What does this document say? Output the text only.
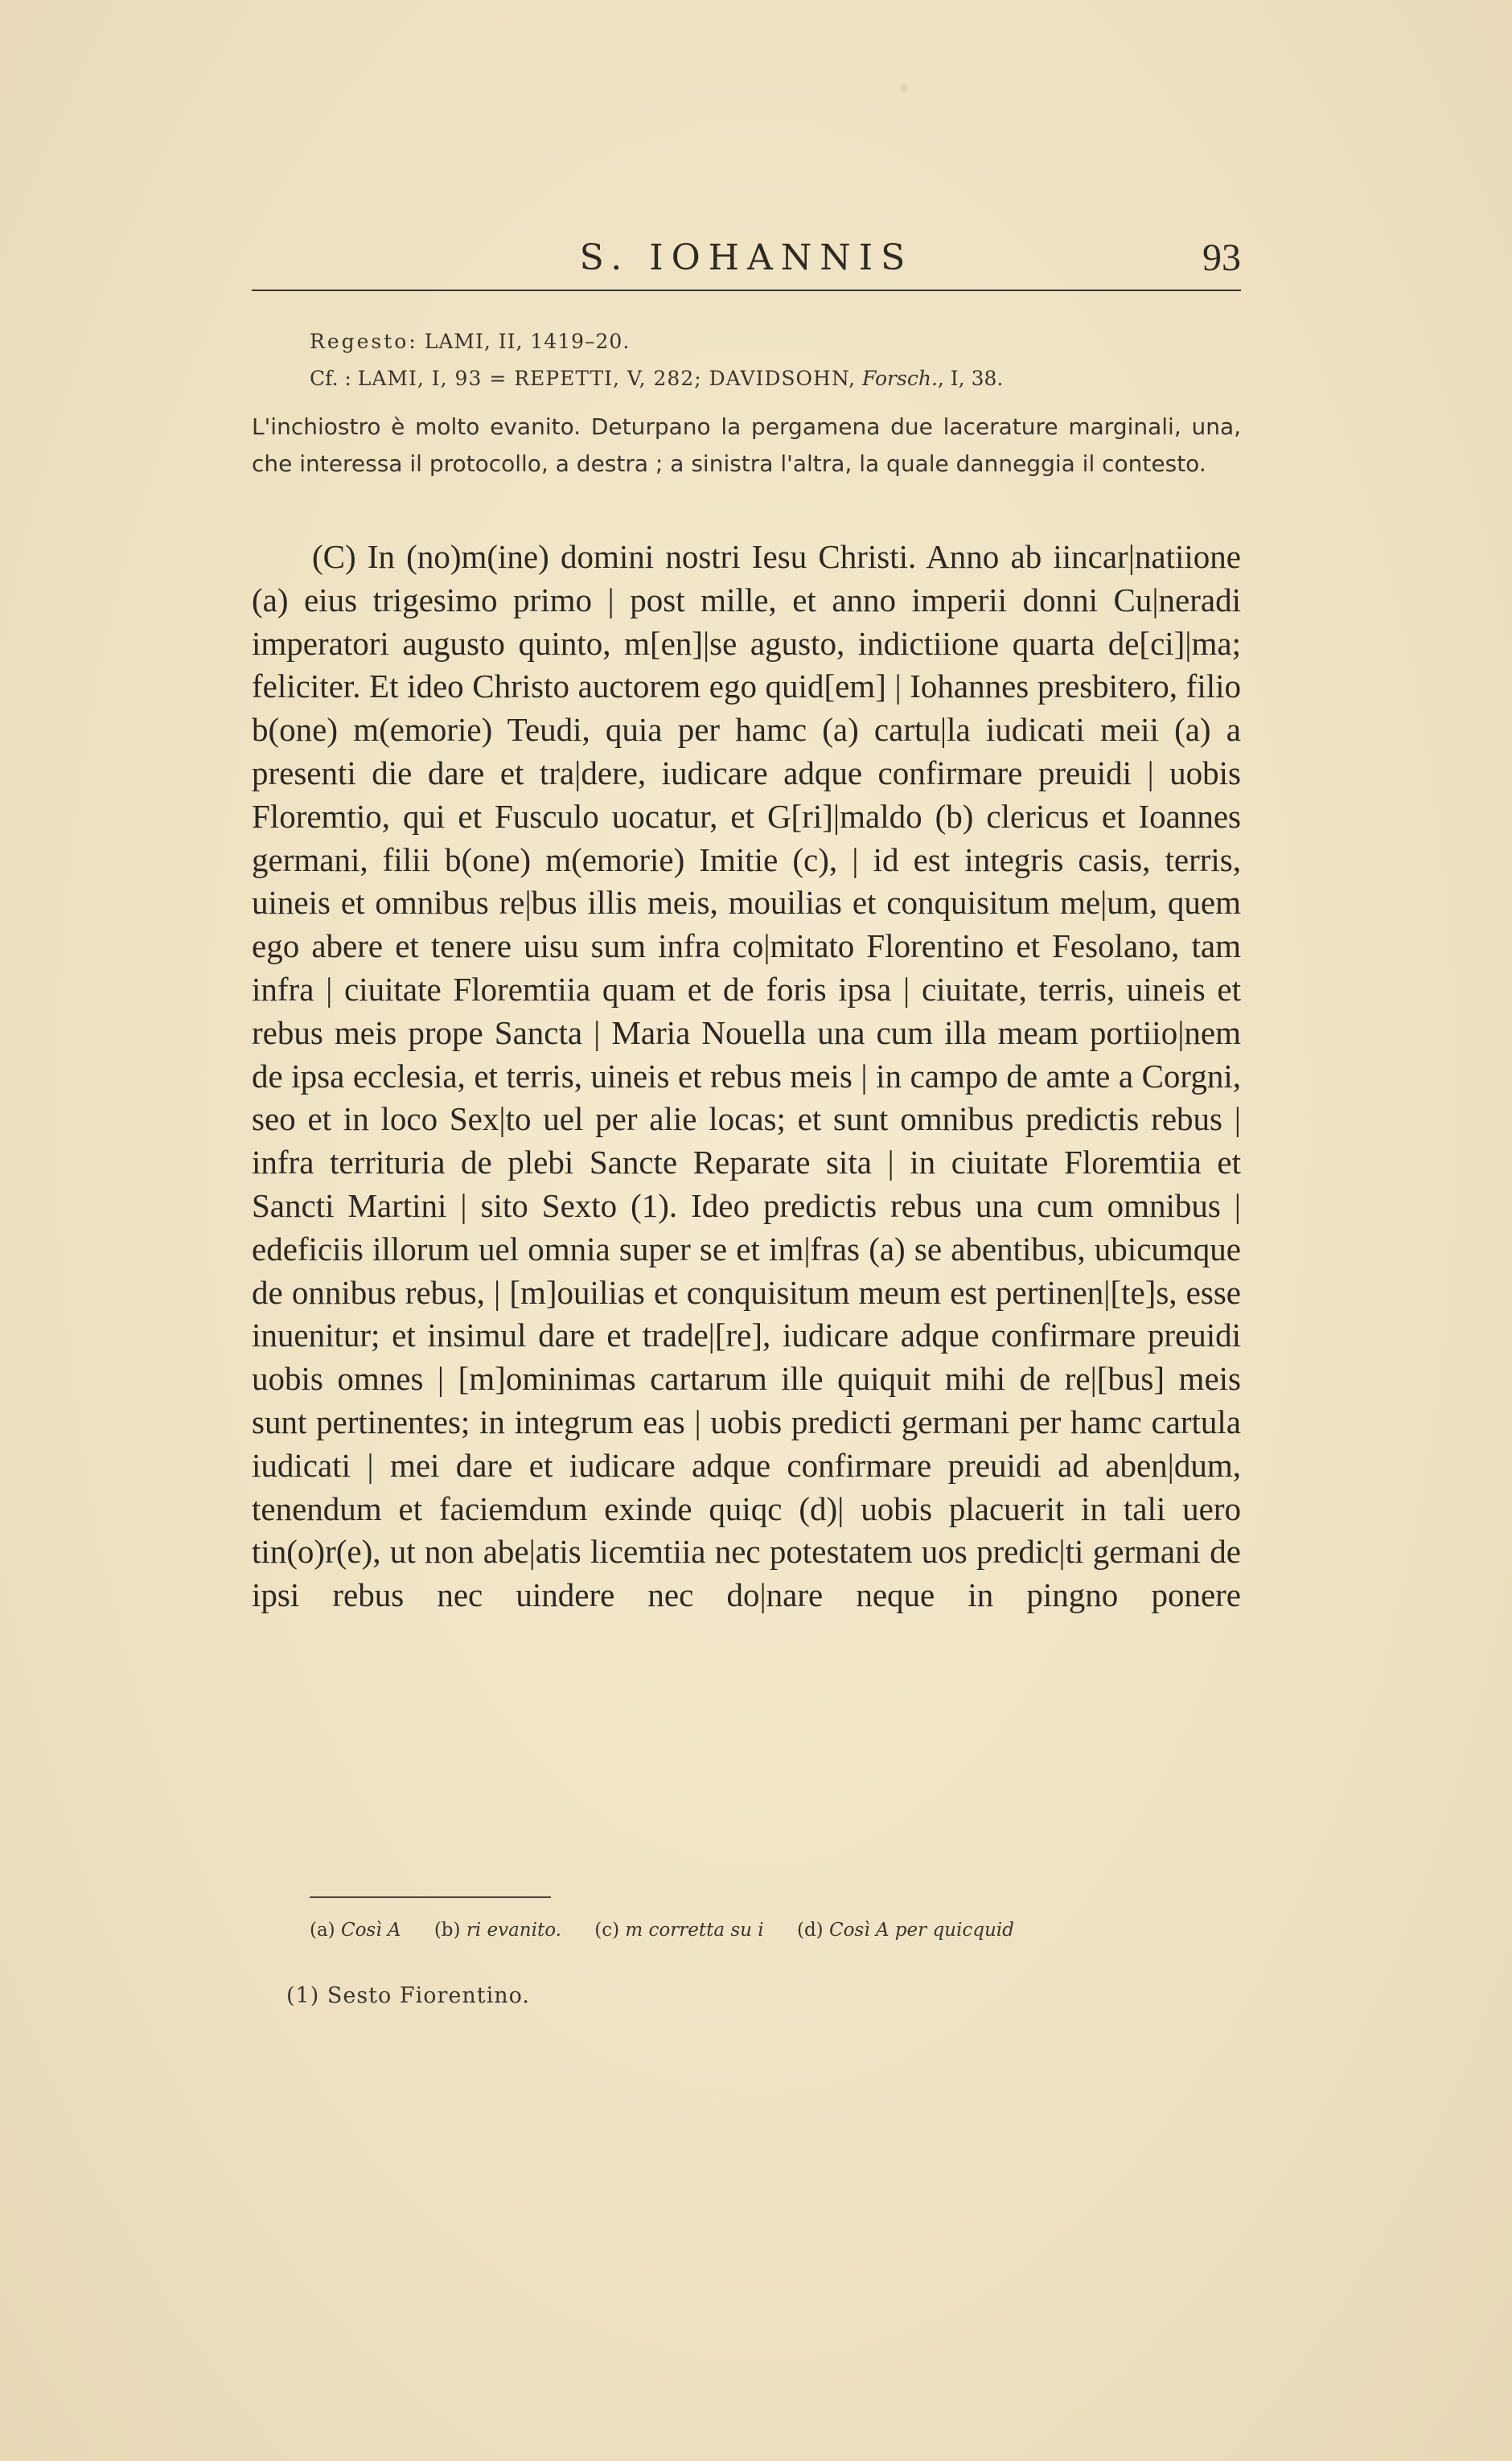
S. IOHANNIS	93
Regesto: LAMI, II, 1419–20.
Cf. : LAMI, I, 93 = REPETTI, V, 282; DAVIDSOHN, Forsch., I, 38.
L'inchiostro è molto evanito. Deturpano la pergamena due lacerature marginali, una, che interessa il protocollo, a destra ; a sinistra l'altra, la quale danneggia il contesto.

(C) In (no)m(ine) domini nostri Iesu Christi. Anno ab iincar|natiione (a) eius trigesimo primo | post mille, et anno imperii donni Cu|neradi imperatori augusto quinto, m[en]|se agusto, indictiione quarta de[ci]|ma; feliciter. Et ideo Christo auctorem ego quid[em] | Iohannes presbitero, filio b(one) m(emorie) Teudi, quia per hamc (a) cartu|la iudicati meii (a) a presenti die dare et tra|dere, iudicare adque confirmare preuidi | uobis Floremtio, qui et Fusculo uocatur, et G[ri]|maldo (b) clericus et Ioannes germani, filii b(one) m(emorie) Imitie (c), | id est integris casis, terris, uineis et omnibus re|bus illis meis, mouilias et conquisitum me|um, quem ego abere et tenere uisu sum infra co|mitato Florentino et Fesolano, tam infra | ciuitate Floremtiia quam et de foris ipsa | ciuitate, terris, uineis et rebus meis prope Sancta | Maria Nouella una cum illa meam portiio|nem de ipsa ecclesia, et terris, uineis et rebus meis | in campo de amte a Corgni, seo et in loco Sex|to uel per alie locas; et sunt omnibus predictis rebus | infra territuria de plebi Sancte Reparate sita | in ciuitate Floremtiia et Sancti Martini | sito Sexto (1). Ideo predictis rebus una cum omnibus | edeficiis illorum uel omnia super se et im|fras (a) se abentibus, ubicumque de onnibus rebus, | [m]ouilias et conquisitum meum est pertinen|[te]s, esse inuenitur; et insimul dare et trade|[re], iudicare adque confirmare preuidi uobis omnes | [m]ominimas cartarum ille quiquit mihi de re|[bus] meis sunt pertinentes; in integrum eas | uobis predicti germani per hamc cartula iudicati | mei dare et iudicare adque confirmare preuidi ad aben|dum, tenendum et faciemdum exinde quiqc (d)| uobis placuerit in tali uero tin(o)r(e), ut non abe|atis licemtiia nec potestatem uos predic|ti germani de ipsi rebus nec uindere nec do|nare neque in pingno ponere

(a) Così A (b) ri evanito. (c) m corretta su i (d) Così A per quicquid
(1) Sesto Fiorentino.
